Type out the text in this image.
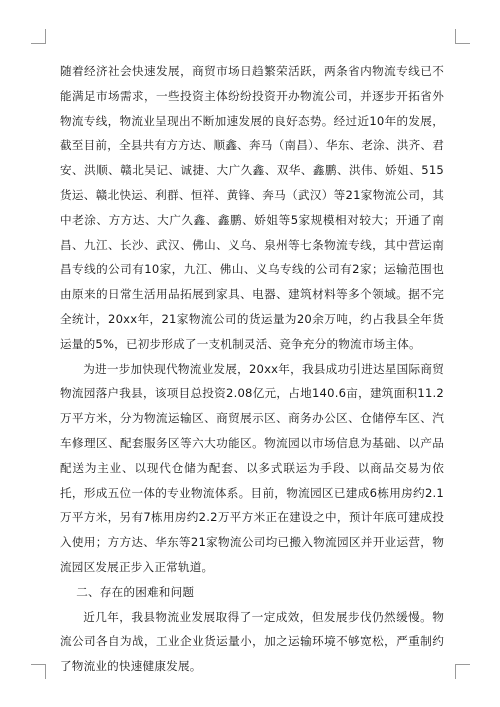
随着经济社会快速发展，商贸市场日趋繁荣活跃，两条省内物流专线已不能满足市场需求，一些投资主体纷纷投资开办物流公司，并逐步开拓省外物流专线，物流业呈现出不断加速发展的良好态势。经过近10年的发展，截至目前，全县共有方方达、顺鑫、奔马（南昌）、华东、老涂、洪齐、君安、洪顺、赣北吴记、诚捷、大广久鑫、双华、鑫鹏、洪伟、娇姐、515货运、赣北快运、利群、恒祥、黄锋、奔马（武汉）等21家物流公司，其中老涂、方方达、大广久鑫、鑫鹏、娇姐等5家规模相对较大；开通了南昌、九江、长沙、武汉、佛山、义乌、泉州等七条物流专线，其中营运南昌专线的公司有10家，九江、佛山、义乌专线的公司有2家；运输范围也由原来的日常生活用品拓展到家具、电器、建筑材料等多个领域。据不完全统计，20xx年，21家物流公司的货运量为20余万吨，约占我县全年货运量的5%，已初步形成了一支机制灵活、竞争充分的物流市场主体。

为进一步加快现代物流业发展，20xx年，我县成功引进达星国际商贸物流园落户我县，该项目总投资2.08亿元，占地140.6亩，建筑面积11.2万平方米，分为物流运输区、商贸展示区、商务办公区、仓储停车区、汽车修理区、配套服务区等六大功能区。物流园以市场信息为基础、以产品配送为主业、以现代仓储为配套、以多式联运为手段、以商品交易为依托，形成五位一体的专业物流体系。目前，物流园区已建成6栋用房约2.1万平方米，另有7栋用房约2.2万平方米正在建设之中，预计年底可建成投入使用；方方达、华东等21家物流公司均已搬入物流园区并开业运营，物流园区发展正步入正常轨道。

二、存在的困难和问题

近几年，我县物流业发展取得了一定成效，但发展步伐仍然缓慢。物流公司各自为战，工业企业货运量小，加之运输环境不够宽松，严重制约了物流业的快速健康发展。
